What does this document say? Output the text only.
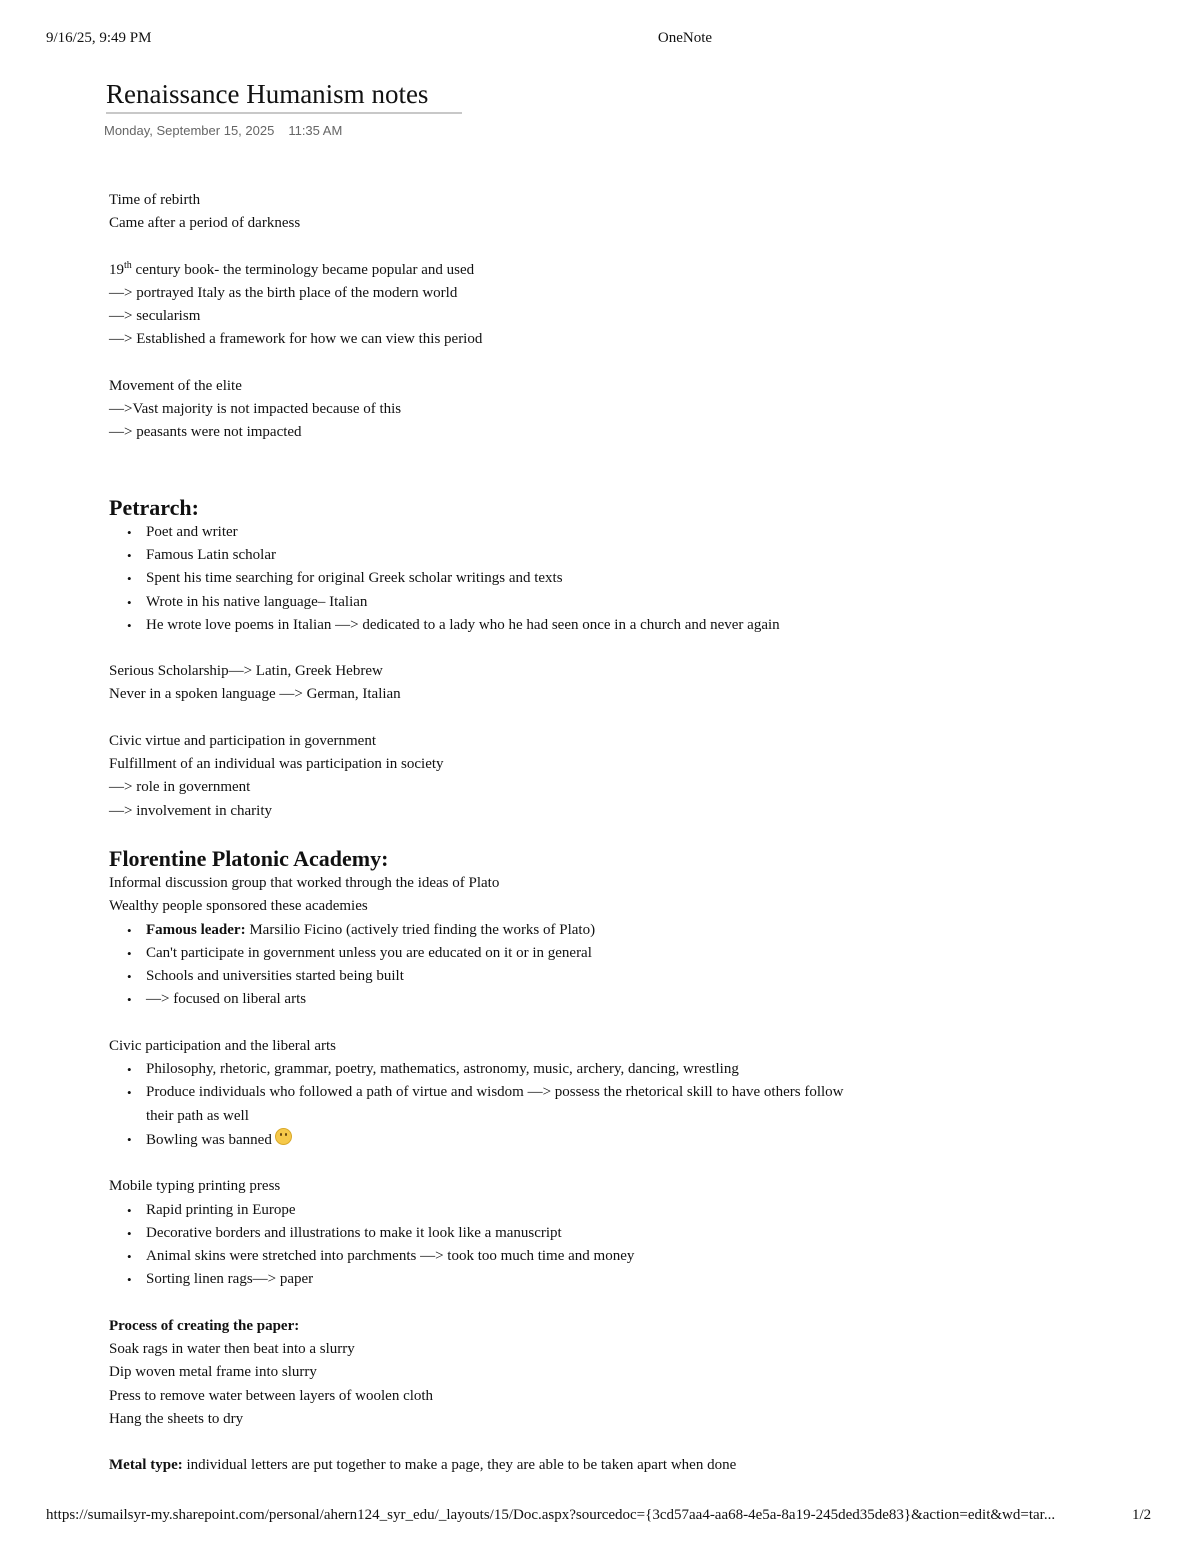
9/16/25, 9:49 PM	OneNote
Renaissance Humanism notes
Monday, September 15, 2025 11:35 AM
Time of rebirth
Came after a period of darkness
19th century book- the terminology became popular and used
—> portrayed Italy as the birth place of the modern world
—> secularism
—> Established a framework for how we can view this period
Movement of the elite
—>Vast majority is not impacted because of this
—> peasants were not impacted
Petrarch:
• Poet and writer
• Famous Latin scholar
• Spent his time searching for original Greek scholar writings and texts
• Wrote in his native language– Italian
• He wrote love poems in Italian —> dedicated to a lady who he had seen once in a church and never again
Serious Scholarship—> Latin, Greek Hebrew
Never in a spoken language —> German, Italian
Civic virtue and participation in government
Fulfillment of an individual was participation in society
—> role in government
—> involvement in charity
Florentine Platonic Academy:
Informal discussion group that worked through the ideas of Plato
Wealthy people sponsored these academies
• Famous leader: Marsilio Ficino (actively tried finding the works of Plato)
• Can't participate in government unless you are educated on it or in general
• Schools and universities started being built
• —> focused on liberal arts
Civic participation and the liberal arts
• Philosophy, rhetoric, grammar, poetry, mathematics, astronomy, music, archery, dancing, wrestling
• Produce individuals who followed a path of virtue and wisdom —> possess the rhetorical skill to have others follow their path as well
• Bowling was banned
Mobile typing printing press
• Rapid printing in Europe
• Decorative borders and illustrations to make it look like a manuscript
• Animal skins were stretched into parchments —> took too much time and money
• Sorting linen rags—> paper
Process of creating the paper:
Soak rags in water then beat into a slurry
Dip woven metal frame into slurry
Press to remove water between layers of woolen cloth
Hang the sheets to dry
Metal type: individual letters are put together to make a page, they are able to be taken apart when done
https://sumailsyr-my.sharepoint.com/personal/ahern124_syr_edu/_layouts/15/Doc.aspx?sourcedoc={3cd57aa4-aa68-4e5a-8a19-245ded35de83}&action=edit&wd=tar...	1/2
